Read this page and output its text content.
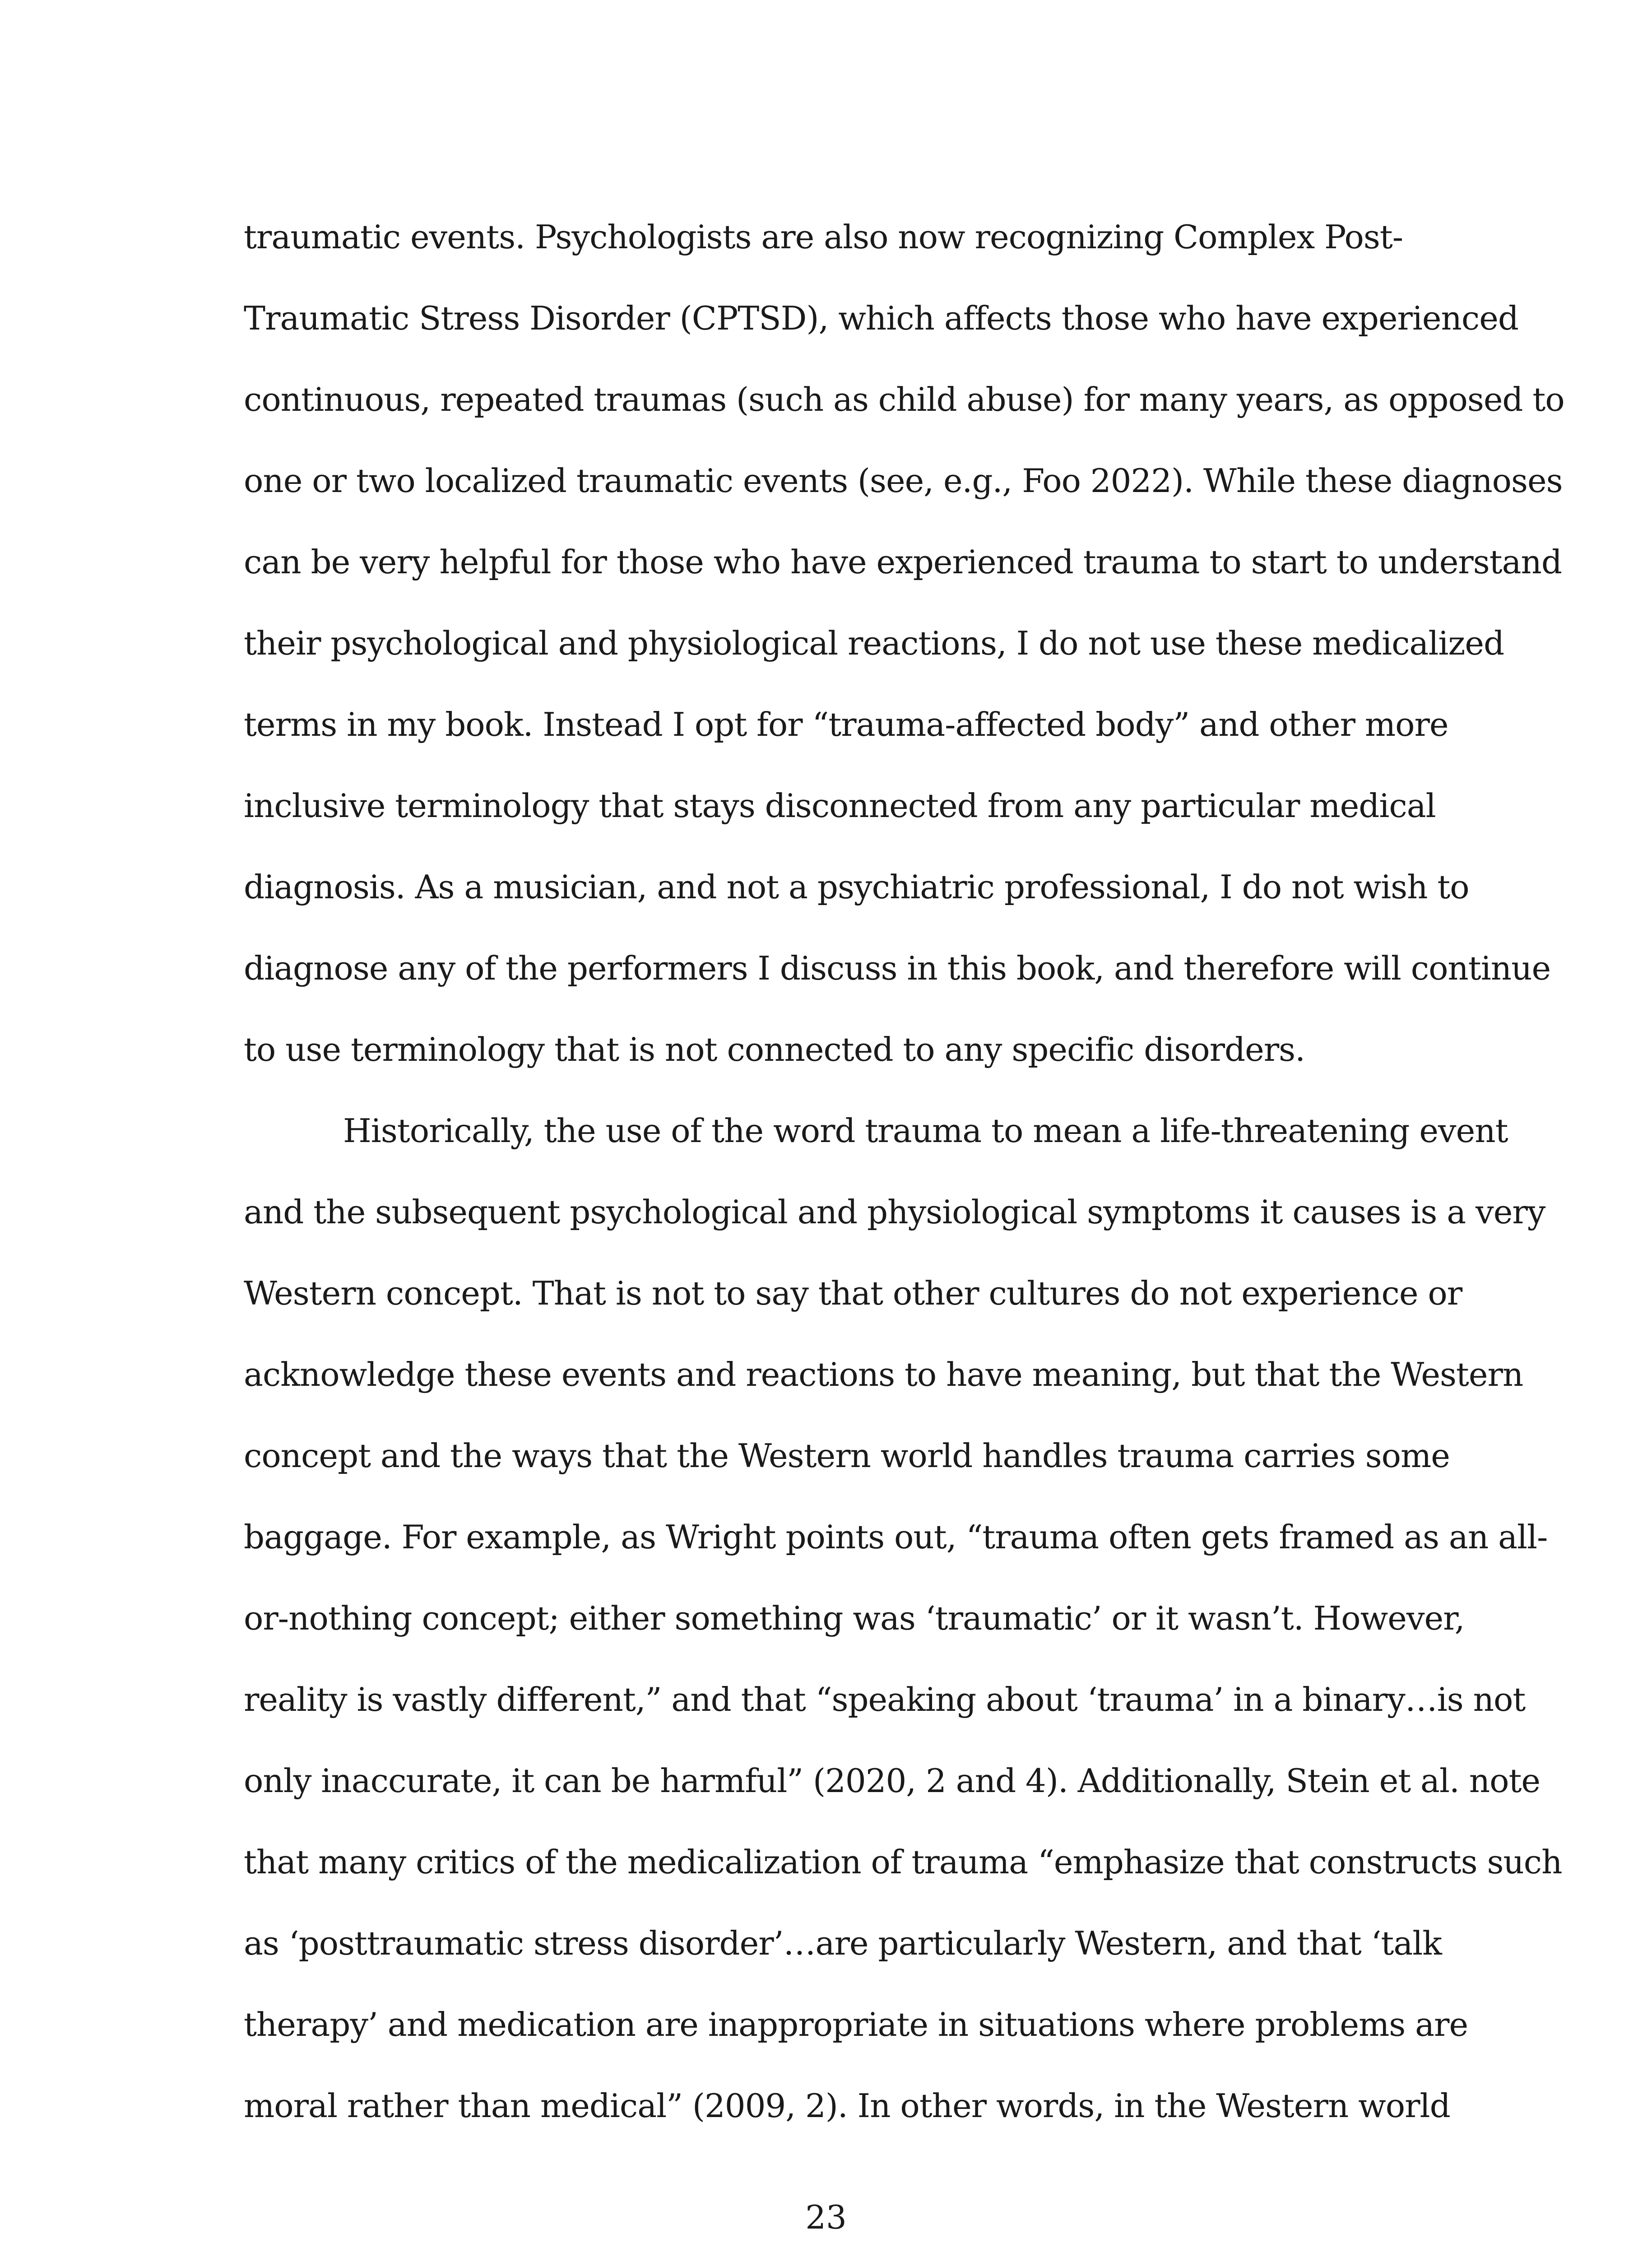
traumatic events. Psychologists are also now recognizing Complex Post-
Traumatic Stress Disorder (CPTSD), which affects those who have experienced
continuous, repeated traumas (such as child abuse) for many years, as opposed to
one or two localized traumatic events (see, e.g., Foo 2022). While these diagnoses
can be very helpful for those who have experienced trauma to start to understand
their psychological and physiological reactions, I do not use these medicalized
terms in my book. Instead I opt for “trauma-affected body” and other more
inclusive terminology that stays disconnected from any particular medical
diagnosis. As a musician, and not a psychiatric professional, I do not wish to
diagnose any of the performers I discuss in this book, and therefore will continue
to use terminology that is not connected to any specific disorders.
Historically, the use of the word trauma to mean a life-threatening event
and the subsequent psychological and physiological symptoms it causes is a very
Western concept. That is not to say that other cultures do not experience or
acknowledge these events and reactions to have meaning, but that the Western
concept and the ways that the Western world handles trauma carries some
baggage. For example, as Wright points out, “trauma often gets framed as an all-
or-nothing concept; either something was ‘traumatic’ or it wasn’t. However,
reality is vastly different,” and that “speaking about ‘trauma’ in a binary…is not
only inaccurate, it can be harmful” (2020, 2 and 4). Additionally, Stein et al. note
that many critics of the medicalization of trauma “emphasize that constructs such
as ‘posttraumatic stress disorder’…are particularly Western, and that ‘talk
therapy’ and medication are inappropriate in situations where problems are
moral rather than medical” (2009, 2). In other words, in the Western world
23
